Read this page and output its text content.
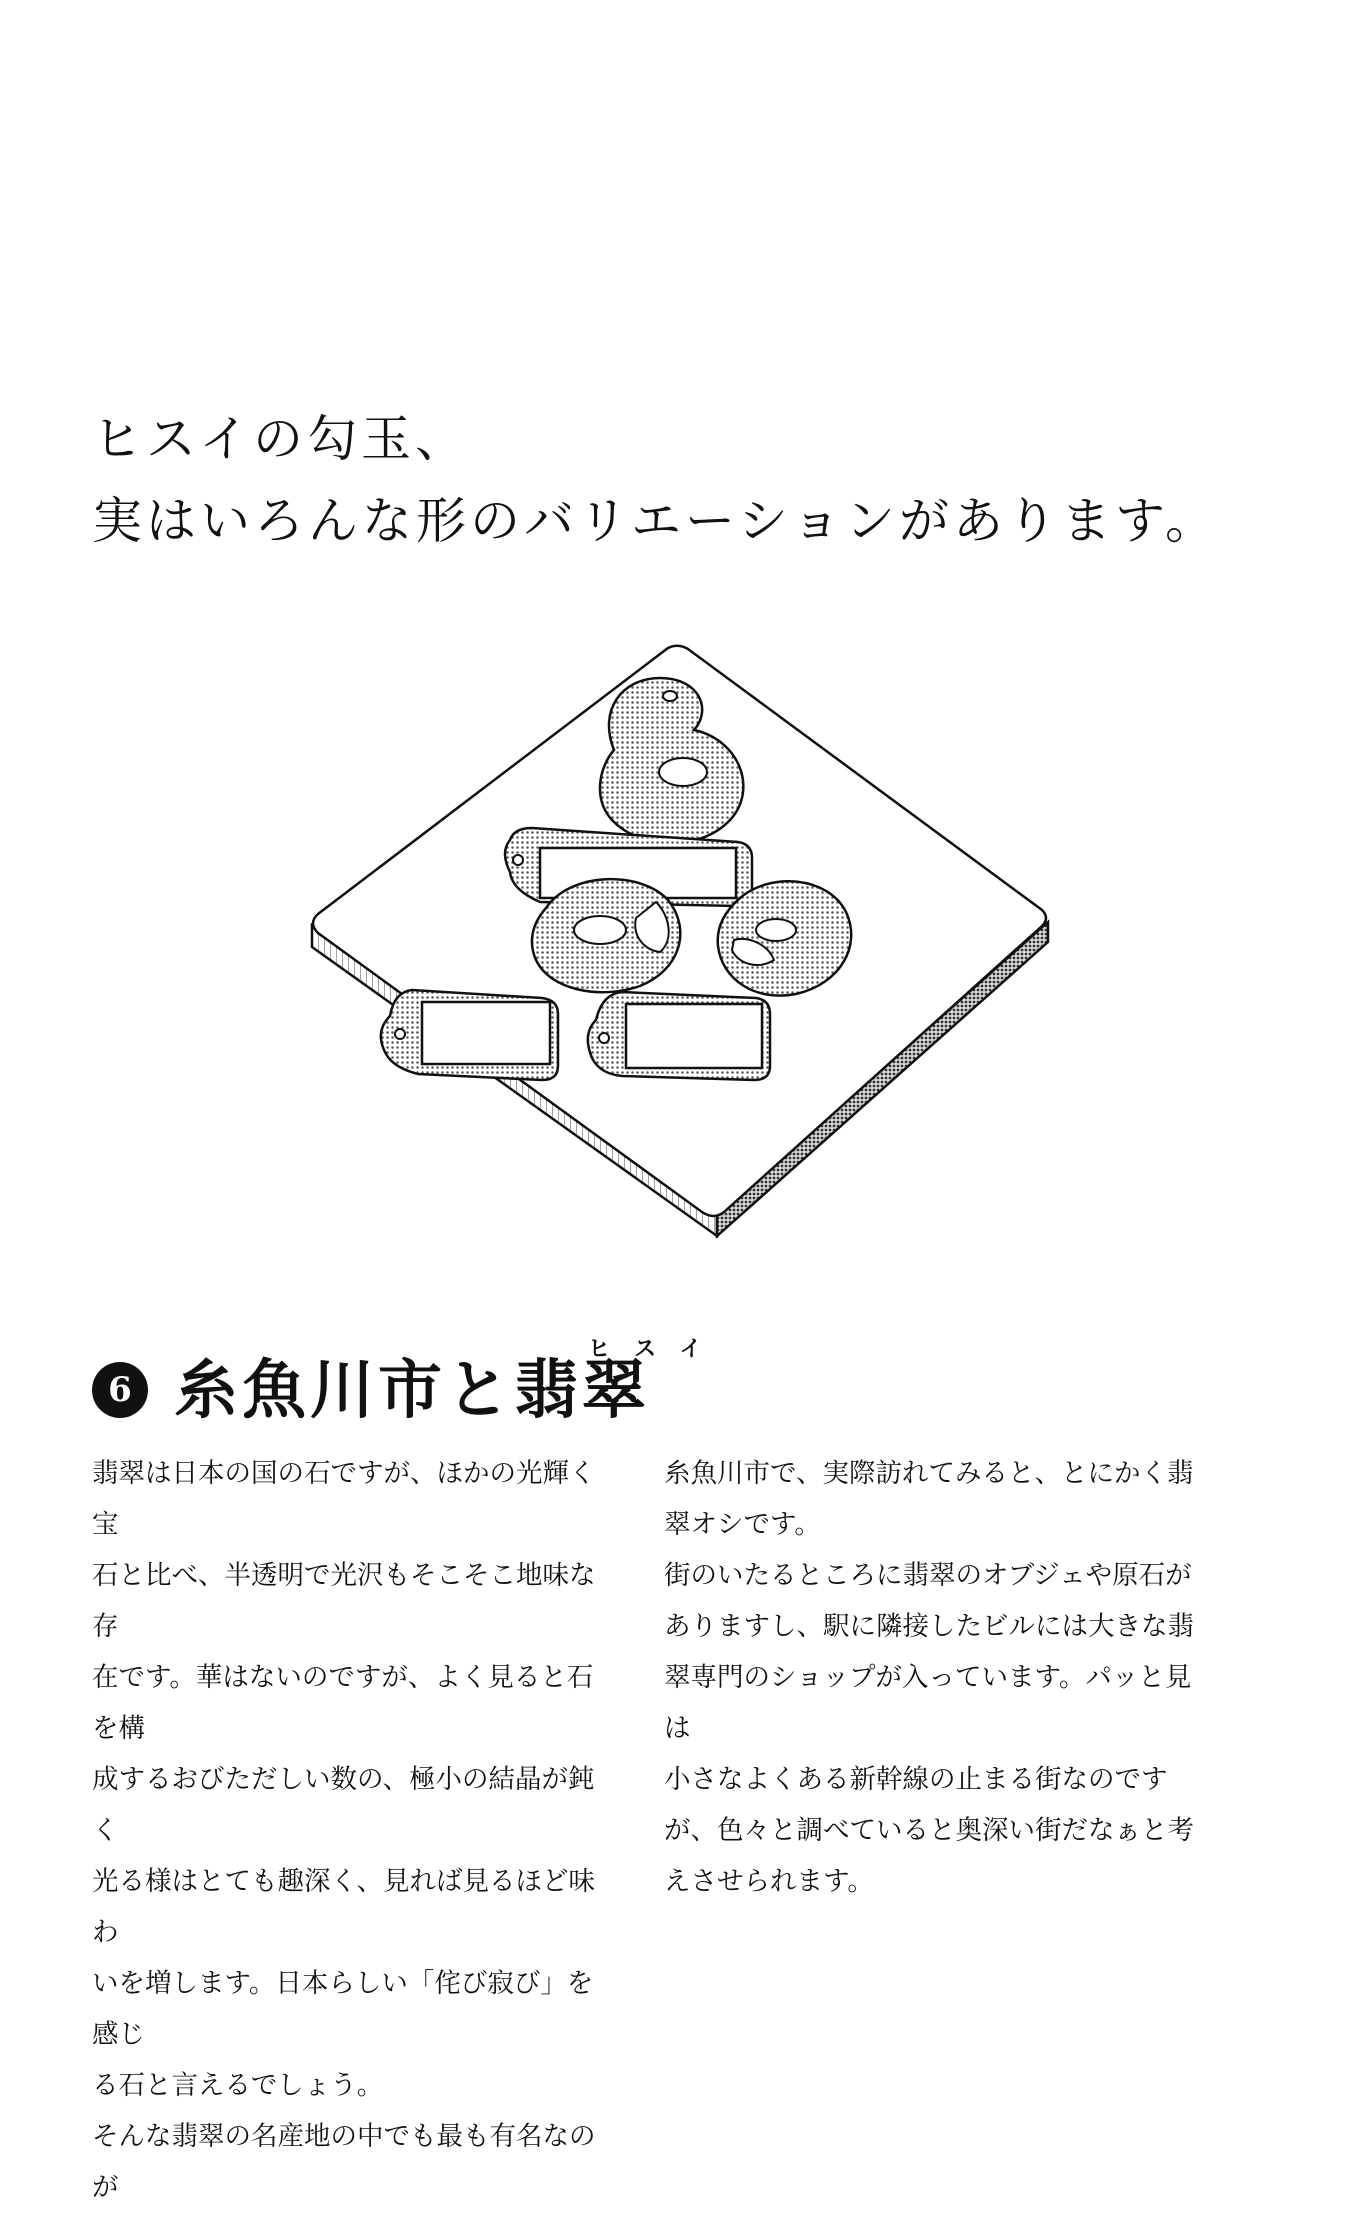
ヒスイの勾玉、
実はいろんな形のバリエーションがあります。
ヒスイ
6 糸魚川市と翡翠

翡翠は日本の国の石ですが、ほかの光輝く宝

石と比べ、半透明で光沢もそこそこ地味な存

在です。華はないのですが、よく見ると石を構

成するおびただしい数の、極小の結晶が鈍く

光る様はとても趣深く、見れば見るほど味わ

いを増します。日本らしい「侘び寂び」を感じ

る石と言えるでしょう。

そんな翡翠の名産地の中でも最も有名なのが

糸魚川市で、実際訪れてみると、とにかく翡

翠オシです。

街のいたるところに翡翠のオブジェや原石が

ありますし、駅に隣接したビルには大きな翡

翠専門のショップが入っています。パッと見は

小さなよくある新幹線の止まる街なのです

が、色々と調べていると奥深い街だなぁと考

えさせられます。
